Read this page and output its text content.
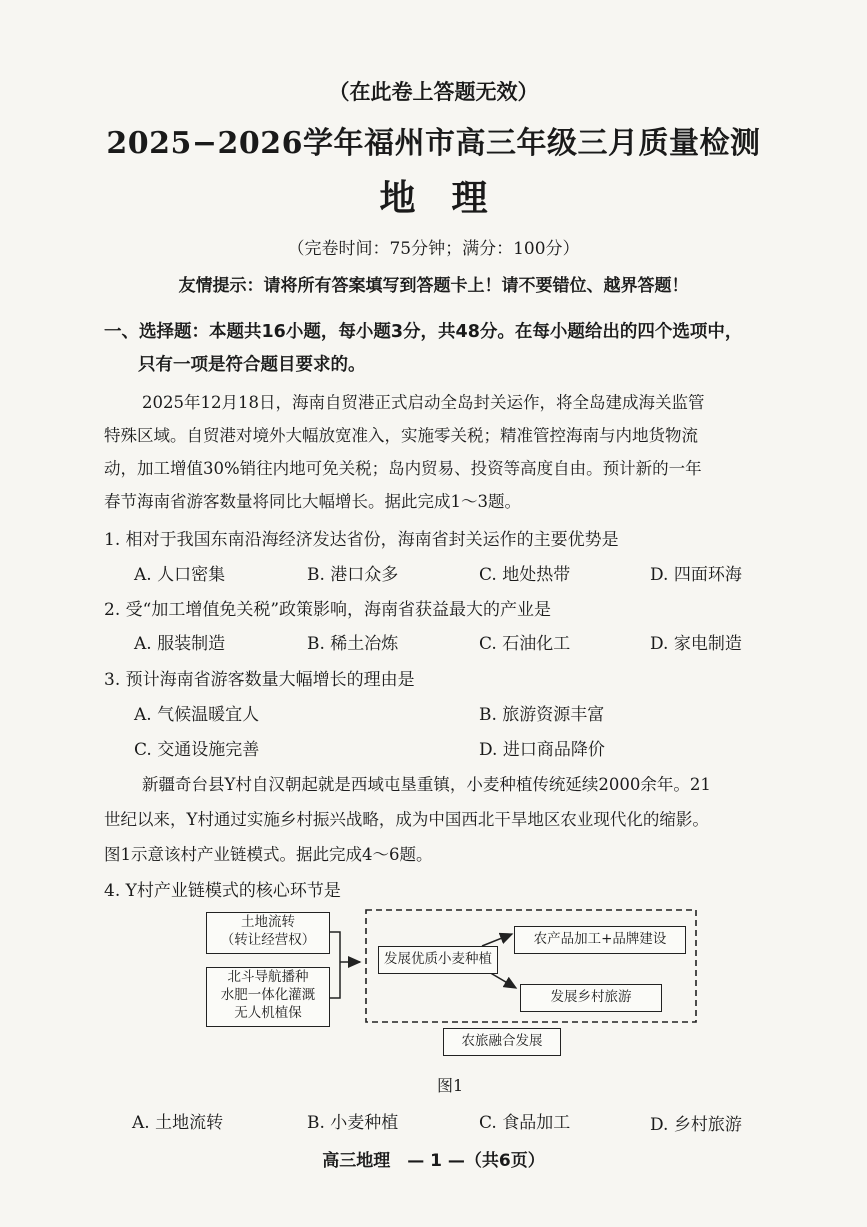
（在此卷上答题无效）
2025−2026学年福州市高三年级三月质量检测
地　理
（完卷时间：75分钟；满分：100分）
友情提示：请将所有答案填写到答题卡上！请不要错位、越界答题！
一、选择题：本题共16小题，每小题3分，共48分。在每小题给出的四个选项中，
只有一项是符合题目要求的。
2025年12月18日，海南自贸港正式启动全岛封关运作，将全岛建成海关监管
特殊区域。自贸港对境外大幅放宽准入，实施零关税；精准管控海南与内地货物流
动，加工增值30%销往内地可免关税；岛内贸易、投资等高度自由。预计新的一年
春节海南省游客数量将同比大幅增长。据此完成1～3题。
1. 相对于我国东南沿海经济发达省份，海南省封关运作的主要优势是
A. 人口密集	B. 港口众多	C. 地处热带	D. 四面环海
2. 受“加工增值免关税”政策影响，海南省获益最大的产业是
A. 服装制造	B. 稀土冶炼	C. 石油化工	D. 家电制造
3. 预计海南省游客数量大幅增长的理由是
A. 气候温暖宜人	B. 旅游资源丰富
C. 交通设施完善	D. 进口商品降价
新疆奇台县Y村自汉朝起就是西域屯垦重镇，小麦种植传统延续2000余年。21
世纪以来，Y村通过实施乡村振兴战略，成为中国西北干旱地区农业现代化的缩影。
图1示意该村产业链模式。据此完成4～6题。
4. Y村产业链模式的核心环节是
土地流转
（转让经营权）
北斗导航播种
水肥一体化灌溉
无人机植保
发展优质小麦种植
农产品加工+品牌建设
发展乡村旅游
农旅融合发展
图1
A. 土地流转	B. 小麦种植	C. 食品加工	D. 乡村旅游
高三地理　— 1 —（共6页）
